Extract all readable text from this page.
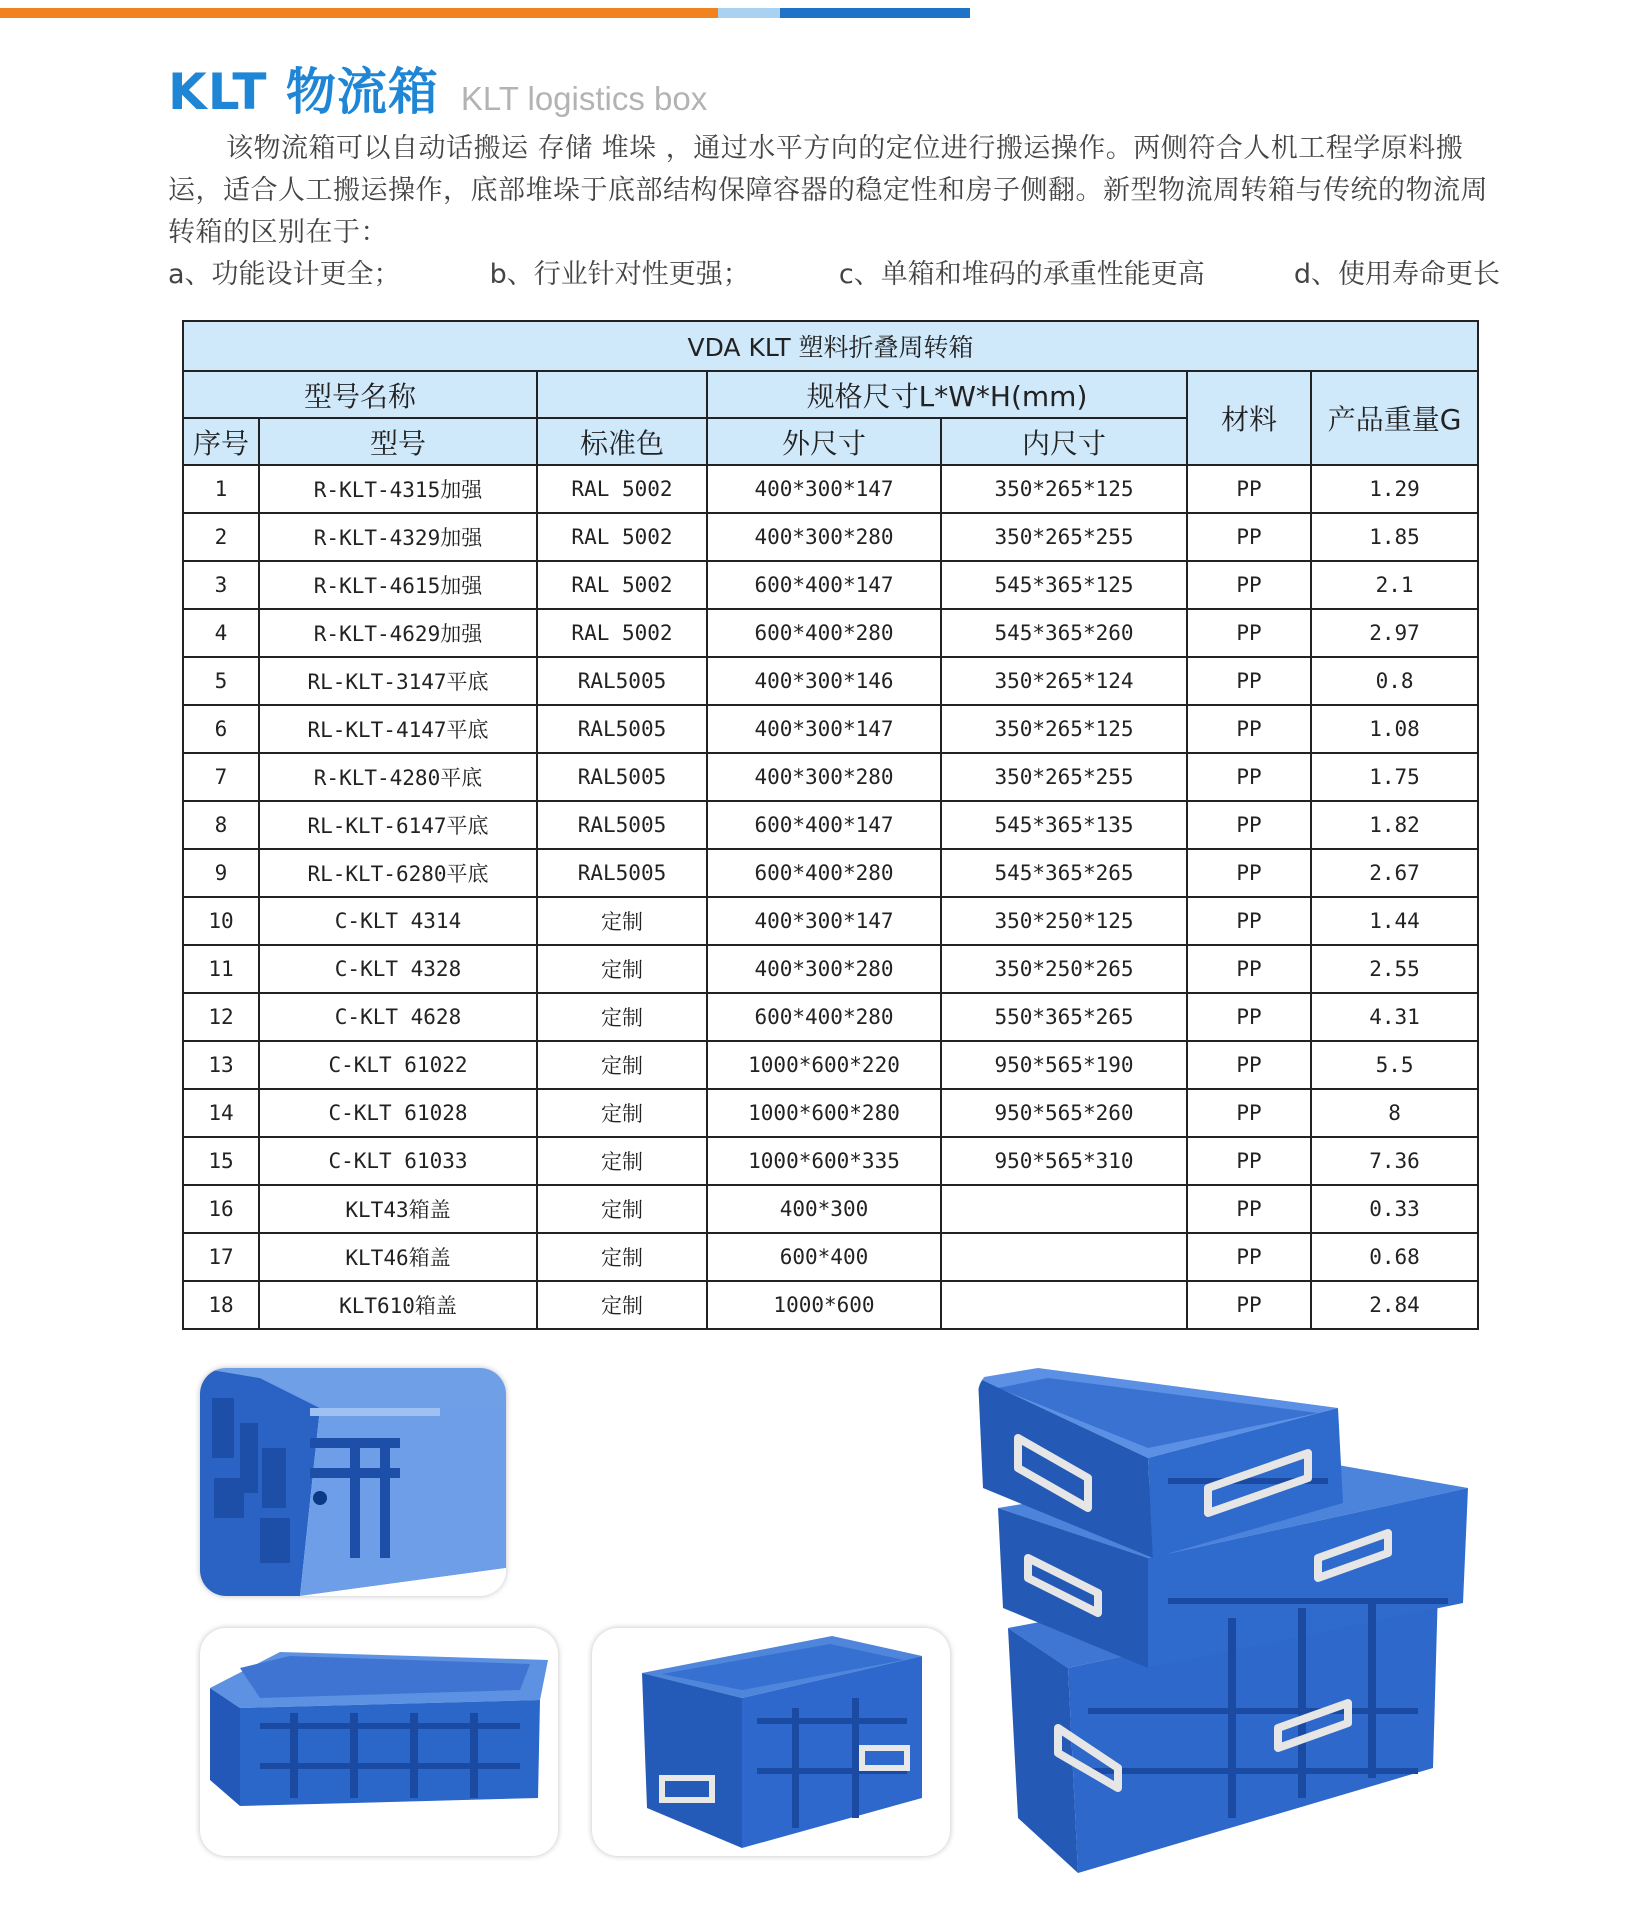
KLT 物流箱 KLT logistics box

该物流箱可以自动话搬运 存储 堆垛 ，通过水平方向的定位进行搬运操作。两侧符合人机工程学原料搬运，适合人工搬运操作，底部堆垛于底部结构保障容器的稳定性和房子侧翻。新型物流周转箱与传统的物流周转箱的区别在于：

a、功能设计更全；	b、行业针对性更强；	c、单箱和堆码的承重性能更高	d、使用寿命更长
VDA KLT 塑料折叠周转箱						
型号名称			规格尺寸L*W*H(mm)		材料	产品重量G
序号	型号	标准色	外尺寸	内尺寸		
1	R-KLT-4315加强	RAL 5002	400*300*147	350*265*125	PP	1.29
2	R-KLT-4329加强	RAL 5002	400*300*280	350*265*255	PP	1.85
3	R-KLT-4615加强	RAL 5002	600*400*147	545*365*125	PP	2.1
4	R-KLT-4629加强	RAL 5002	600*400*280	545*365*260	PP	2.97
5	RL-KLT-3147平底	RAL5005	400*300*146	350*265*124	PP	0.8
6	RL-KLT-4147平底	RAL5005	400*300*147	350*265*125	PP	1.08
7	R-KLT-4280平底	RAL5005	400*300*280	350*265*255	PP	1.75
8	RL-KLT-6147平底	RAL5005	600*400*147	545*365*135	PP	1.82
9	RL-KLT-6280平底	RAL5005	600*400*280	545*365*265	PP	2.67
10	C-KLT 4314	定制	400*300*147	350*250*125	PP	1.44
11	C-KLT 4328	定制	400*300*280	350*250*265	PP	2.55
12	C-KLT 4628	定制	600*400*280	550*365*265	PP	4.31
13	C-KLT 61022	定制	1000*600*220	950*565*190	PP	5.5
14	C-KLT 61028	定制	1000*600*280	950*565*260	PP	8
15	C-KLT 61033	定制	1000*600*335	950*565*310	PP	7.36
16	KLT43箱盖	定制	400*300		PP	0.33
17	KLT46箱盖	定制	600*400		PP	0.68
18	KLT610箱盖	定制	1000*600		PP	2.84
